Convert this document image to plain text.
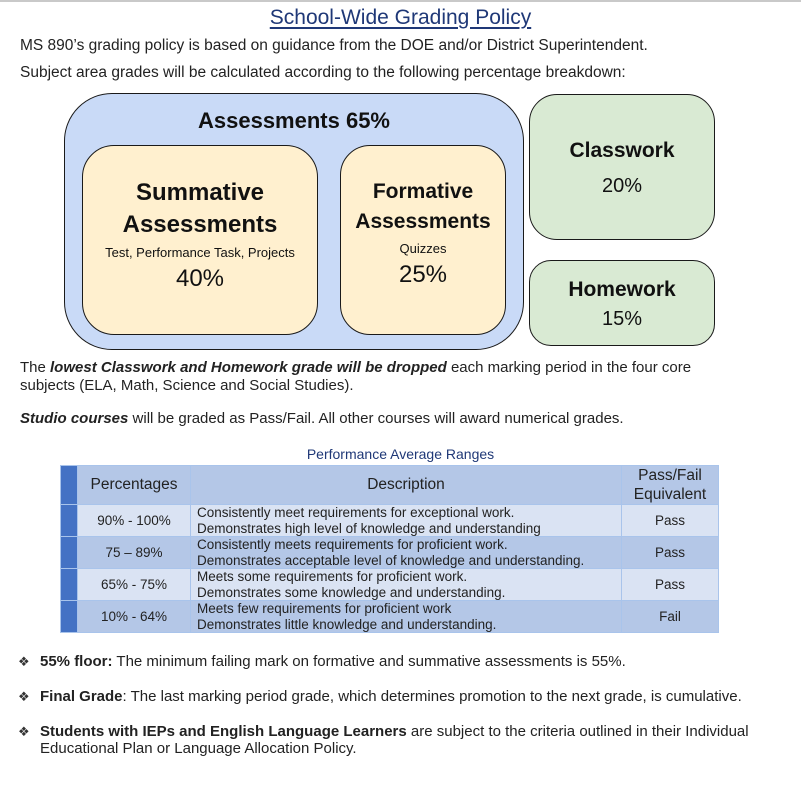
School-Wide Grading Policy
MS 890’s grading policy is based on guidance from the DOE and/or District Superintendent.
Subject area grades will be calculated according to the following percentage breakdown:
Assessments 65%
Summative
Assessments
Test, Performance Task, Projects
40%
Formative
Assessments
Quizzes
25%
Classwork
20%
Homework
15%
The lowest Classwork and Homework grade will be dropped each marking period in the four core subjects (ELA, Math, Science and Social Studies).
Studio courses will be graded as Pass/Fail. All other courses will award numerical grades.
Performance Average Ranges
	Percentages	Description	Pass/Fail
Equivalent

	90% - 100%	Consistently meet requirements for exceptional work.
Demonstrates high level of knowledge and understanding	Pass
	75 – 89%	Consistently meets requirements for proficient work.
Demonstrates acceptable level of knowledge and understanding.	Pass
	65% - 75%	Meets some requirements for proficient work.
Demonstrates some knowledge and understanding.	Pass
	10% - 64%	Meets few requirements for proficient work
Demonstrates little knowledge and understanding.	Fail
❖ 55% floor: The minimum failing mark on formative and summative assessments is 55%.
❖ Final Grade: The last marking period grade, which determines promotion to the next grade, is cumulative.
❖ Students with IEPs and English Language Learners are subject to the criteria outlined in their Individual Educational Plan or Language Allocation Policy.
